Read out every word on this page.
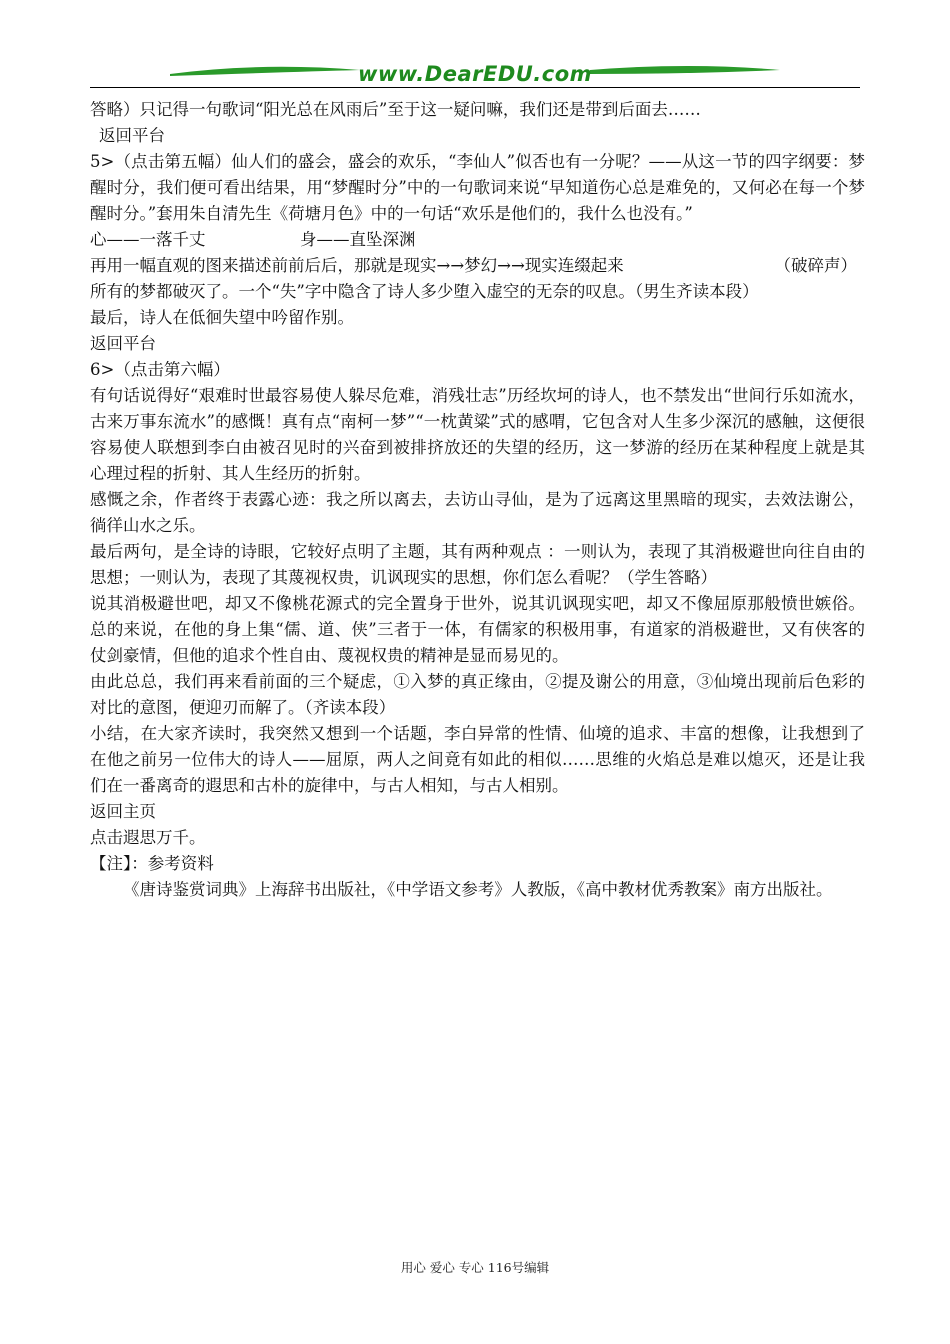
www.DearEDU.com

答略）只记得一句歌词“阳光总在风雨后”至于这一疑问嘛，我们还是带到后面去……

返回平台

5>（点击第五幅）仙人们的盛会，盛会的欢乐，“李仙人”似否也有一分呢？——从这一节的四字纲要：梦醒时分，我们便可看出结果，用“梦醒时分”中的一句歌词来说“早知道伤心总是难免的，又何必在每一个梦醒时分。”套用朱自清先生《荷塘月色》中的一句话“欢乐是他们的，我什么也没有。”

心——一落千丈	身——直坠深渊

再用一幅直观的图来描述前前后后，那就是现实→→梦幻→→现实连缀起来	（破碎声）

所有的梦都破灭了。一个“失”字中隐含了诗人多少堕入虚空的无奈的叹息。（男生齐读本段）

最后，诗人在低徊失望中吟留作别。

返回平台

6>（点击第六幅）

有句话说得好“艰难时世最容易使人躲尽危难，消残壮志”历经坎坷的诗人，也不禁发出“世间行乐如流水，古来万事东流水”的感慨！真有点“南柯一梦”“一枕黄粱”式的感喟，它包含对人生多少深沉的感触，这便很容易使人联想到李白由被召见时的兴奋到被排挤放还的失望的经历，这一梦游的经历在某种程度上就是其心理过程的折射、其人生经历的折射。

感慨之余，作者终于表露心迹：我之所以离去，去访山寻仙，是为了远离这里黑暗的现实，去效法谢公，徜徉山水之乐。

最后两句，是全诗的诗眼，它较好点明了主题，其有两种观点 ：一则认为，表现了其消极避世向往自由的思想；一则认为，表现了其蔑视权贵，讥讽现实的思想，你们怎么看呢？（学生答略）

说其消极避世吧，却又不像桃花源式的完全置身于世外，说其讥讽现实吧，却又不像屈原那般愤世嫉俗。总的来说，在他的身上集“儒、道、侠”三者于一体，有儒家的积极用事，有道家的消极避世，又有侠客的仗剑豪情，但他的追求个性自由、蔑视权贵的精神是显而易见的。

由此总总，我们再来看前面的三个疑虑，①入梦的真正缘由，②提及谢公的用意，③仙境出现前后色彩的对比的意图，便迎刃而解了。（齐读本段）

小结，在大家齐读时，我突然又想到一个话题，李白异常的性情、仙境的追求、丰富的想像，让我想到了在他之前另一位伟大的诗人——屈原，两人之间竟有如此的相似……思维的火焰总是难以熄灭，还是让我们在一番离奇的遐思和古朴的旋律中，与古人相知，与古人相别。

返回主页

点击遐思万千。

【注】：参考资料

《唐诗鉴赏词典》上海辞书出版社，《中学语文参考》人教版，《高中教材优秀教案》南方出版社。

用心 爱心 专心 116号编辑
